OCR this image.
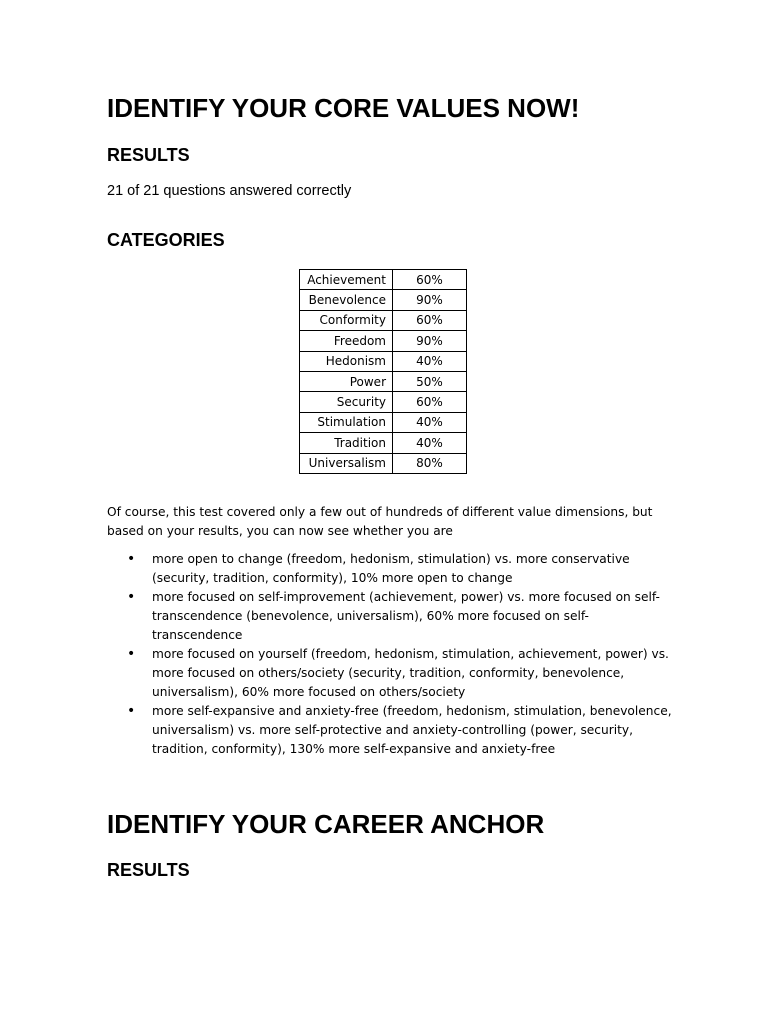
IDENTIFY YOUR CORE VALUES NOW!
RESULTS

21 of 21 questions answered correctly

CATEGORIES
Achievement	60%
Benevolence	90%
Conformity	60%
Freedom	90%
Hedonism	40%
Power	50%
Security	60%
Stimulation	40%
Tradition	40%
Universalism	80%

Of course, this test covered only a few out of hundreds of different value dimensions, but based on your results, you can now see whether you are

• more open to change (freedom, hedonism, stimulation) vs. more conservative (security, tradition, conformity), 10% more open to change
• more focused on self-improvement (achievement, power) vs. more focused on self-transcendence (benevolence, universalism), 60% more focused on self-transcendence
• more focused on yourself (freedom, hedonism, stimulation, achievement, power) vs. more focused on others/society (security, tradition, conformity, benevolence, universalism), 60% more focused on others/society
• more self-expansive and anxiety-free (freedom, hedonism, stimulation, benevolence, universalism) vs. more self-protective and anxiety-controlling (power, security, tradition, conformity), 130% more self-expansive and anxiety-free
IDENTIFY YOUR CAREER ANCHOR
RESULTS
